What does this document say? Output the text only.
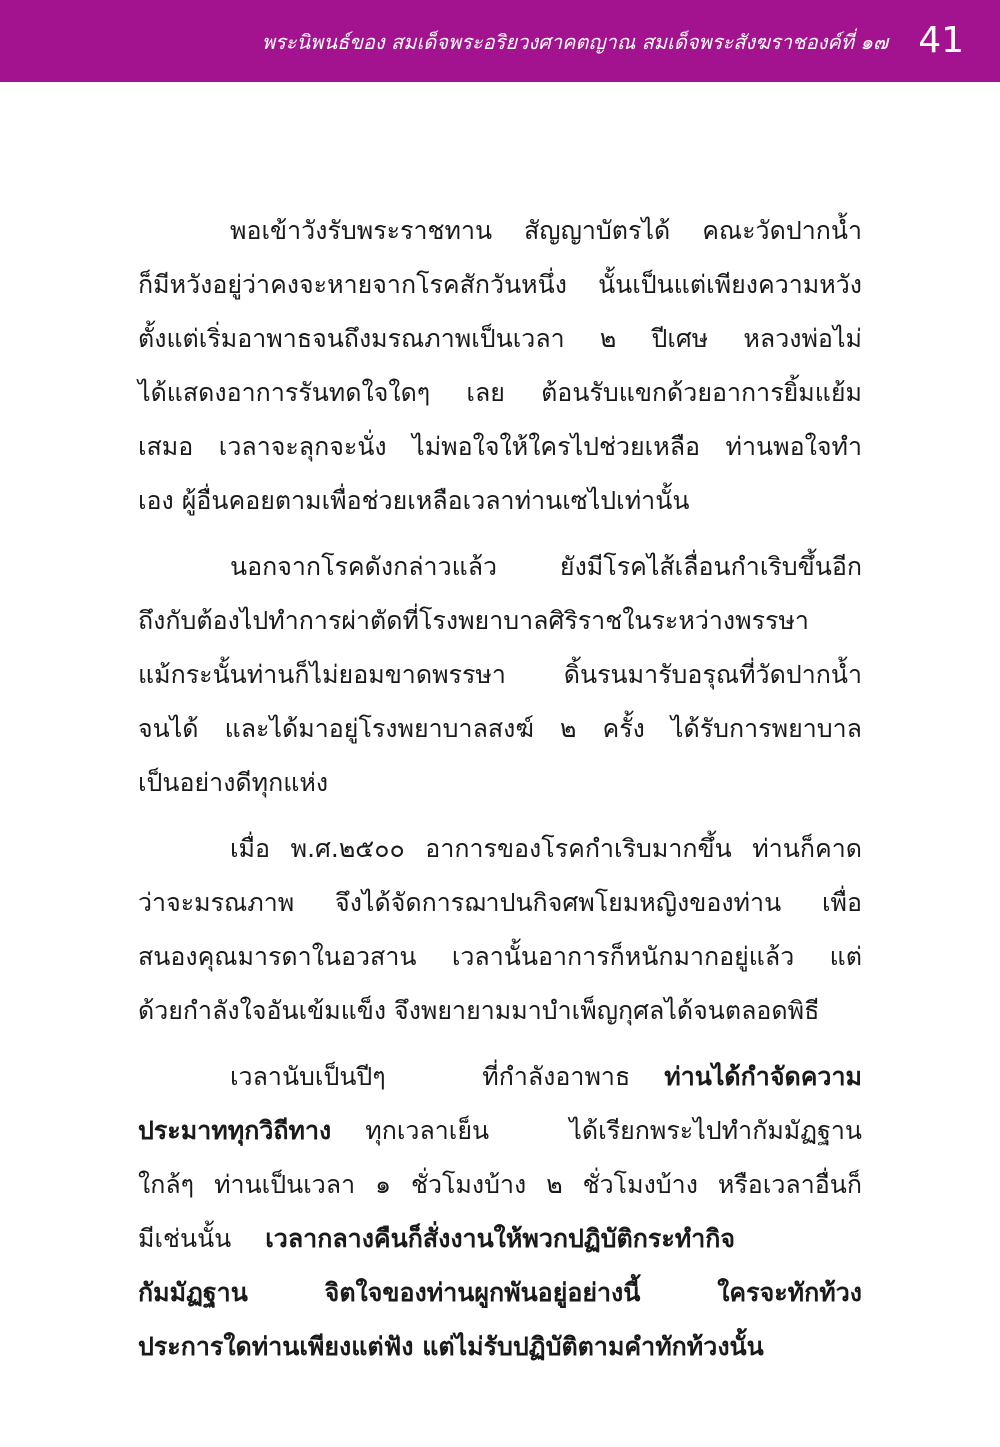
พระนิพนธ์ของ สมเด็จพระอริยวงศาคตญาณ สมเด็จพระสังฆราชองค์ที่ ๑๗ 41
พอเข้าวังรับพระราชทาน สัญญาบัตรได้ คณะวัดปากน้ำ
ก็มีหวังอยู่ว่าคงจะหายจากโรคสักวันหนึ่ง นั้นเป็นแต่เพียงความหวัง
ตั้งแต่เริ่มอาพาธจนถึงมรณภาพเป็นเวลา ๒ ปีเศษ หลวงพ่อไม่
ได้แสดงอาการรันทดใจใดๆ เลย ต้อนรับแขกด้วยอาการยิ้มแย้ม
เสมอ เวลาจะลุกจะนั่ง ไม่พอใจให้ใครไปช่วยเหลือ ท่านพอใจทำ
เอง ผู้อื่นคอยตามเพื่อช่วยเหลือเวลาท่านเซไปเท่านั้น
นอกจากโรคดังกล่าวแล้ว ยังมีโรคไส้เลื่อนกำเริบขึ้นอีก
ถึงกับต้องไปทำการผ่าตัดที่โรงพยาบาลศิริราชในระหว่างพรรษา
แม้กระนั้นท่านก็ไม่ยอมขาดพรรษา ดิ้นรนมารับอรุณที่วัดปากน้ำ
จนได้ และได้มาอยู่โรงพยาบาลสงฆ์ ๒ ครั้ง ได้รับการพยาบาล
เป็นอย่างดีทุกแห่ง
เมื่อ พ.ศ.๒๕๐๐ อาการของโรคกำเริบมากขึ้น ท่านก็คาด
ว่าจะมรณภาพ จึงได้จัดการฌาปนกิจศพโยมหญิงของท่าน เพื่อ
สนองคุณมารดาในอวสาน เวลานั้นอาการก็หนักมากอยู่แล้ว แต่
ด้วยกำลังใจอันเข้มแข็ง จึงพยายามมาบำเพ็ญกุศลได้จนตลอดพิธี
เวลานับเป็นปีๆ ที่กำลังอาพาธ ท่านได้กำจัดความ
ประมาททุกวิถีทาง ทุกเวลาเย็น ได้เรียกพระไปทำกัมมัฏฐาน
ใกล้ๆ ท่านเป็นเวลา ๑ ชั่วโมงบ้าง ๒ ชั่วโมงบ้าง หรือเวลาอื่นก็
มีเช่นนั้น เวลากลางคืนก็สั่งงานให้พวกปฏิบัติกระทำกิจ
กัมมัฏฐาน จิตใจของท่านผูกพันอยู่อย่างนี้ ใครจะทักท้วง
ประการใดท่านเพียงแต่ฟัง แต่ไม่รับปฏิบัติตามคำทักท้วงนั้น
